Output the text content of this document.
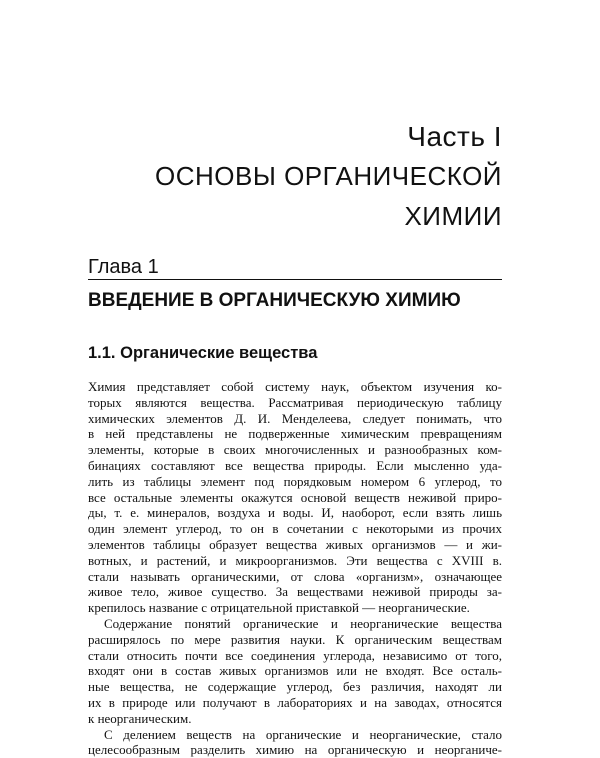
Часть I
ОСНОВЫ ОРГАНИЧЕСКОЙ
ХИМИИ
Глава 1
ВВЕДЕНИЕ В ОРГАНИЧЕСКУЮ ХИМИЮ
1.1. Органические вещества
Химия представляет собой систему наук, объектом изучения ко-
торых являются вещества. Рассматривая периодическую таблицу
химических элементов Д. И. Менделеева, следует понимать, что
в ней представлены не подверженные химическим превращениям
элементы, которые в своих многочисленных и разнообразных ком-
бинациях составляют все вещества природы. Если мысленно уда-
лить из таблицы элемент под порядковым номером 6 углерод, то
все остальные элементы окажутся основой веществ неживой приро-
ды, т. е. минералов, воздуха и воды. И, наоборот, если взять лишь
один элемент углерод, то он в сочетании с некоторыми из прочих
элементов таблицы образует вещества живых организмов — и жи-
вотных, и растений, и микроорганизмов. Эти вещества с XVIII в.
стали называть органическими, от слова «организм», означающее
живое тело, живое существо. За веществами неживой природы за-
крепилось название с отрицательной приставкой — неорганические.
Содержание понятий органические и неорганические вещества
расширялось по мере развития науки. К органическим веществам
стали относить почти все соединения углерода, независимо от того,
входят они в состав живых организмов или не входят. Все осталь-
ные вещества, не содержащие углерод, без различия, находят ли
их в природе или получают в лабораториях и на заводах, относятся
к неорганическим.
С делением веществ на органические и неорганические, стало
целесообразным разделить химию на органическую и неорганиче-
